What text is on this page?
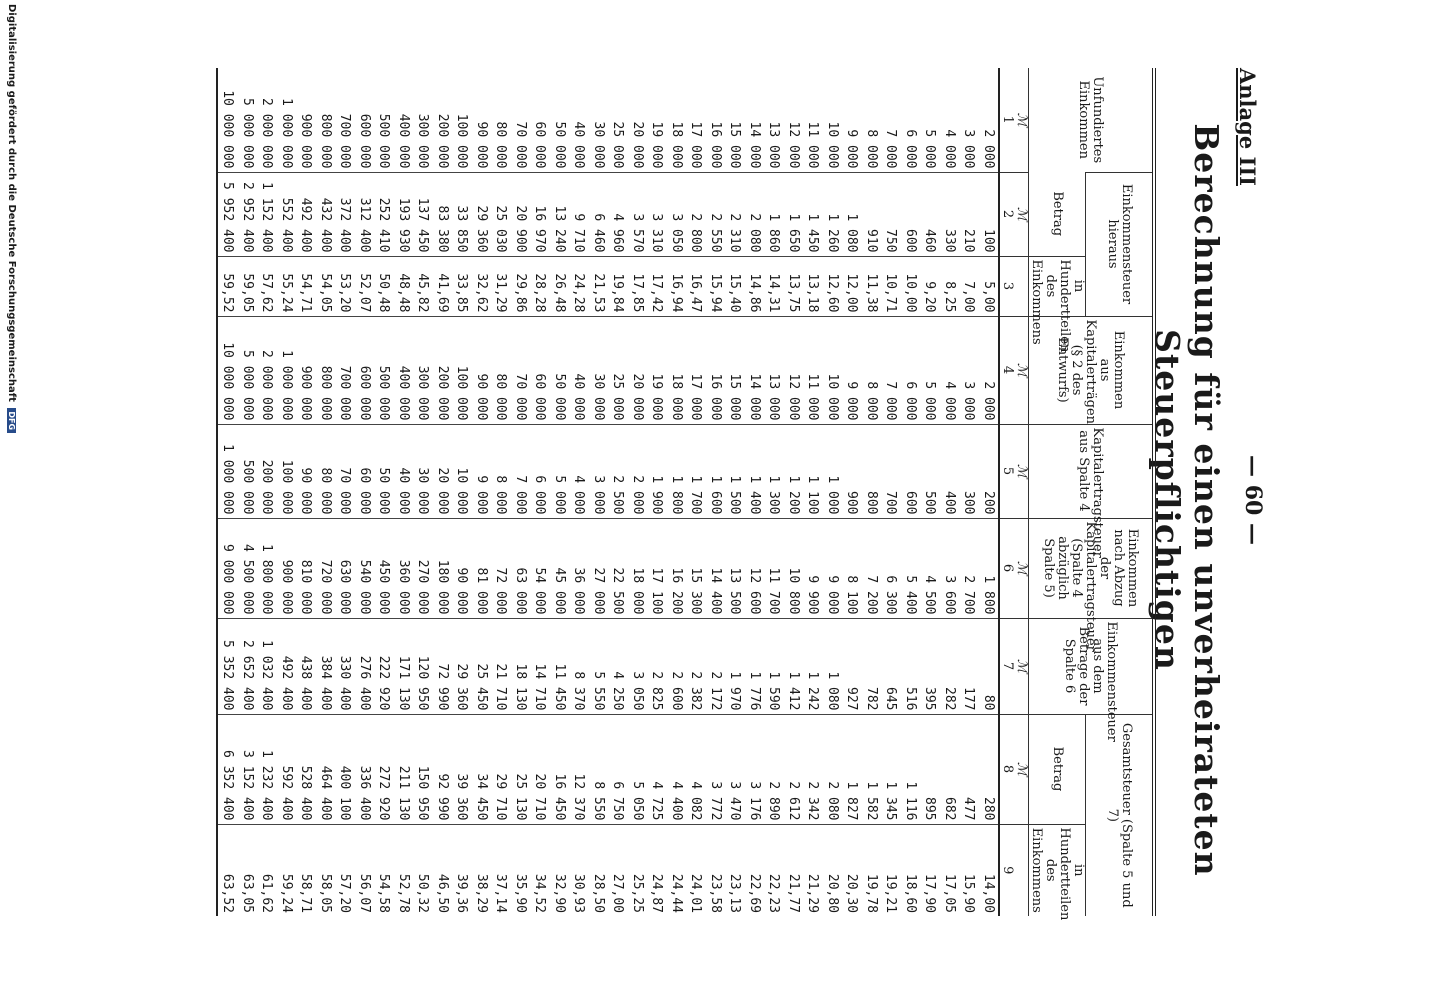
Anlage III
— 60 —
Berechnung für einen unverheirateten Steuerpflichtigen
Unfundiertes Einkommen	Einkommensteuer hieraus		Einkommen aus Kapitalerträgen (§ 2 des Entwurfs)	Kapitalertragsteuer aus Spalte 4	Einkommen nach Abzug der Kapitalertragsteuer (Spalte 4 abzüglich Spalte 5)	Einkommensteuer aus dem Betrage der Spalte 6	Gesamtsteuer (Spalte 5 und 7)	
	Betrag	in Hundertteilen des Einkommens					Betrag	in Hundertteilen des Einkommens
ℳ	ℳ		ℳ	ℳ	ℳ	ℳ	ℳ	
1	2	3	4	5	6	7	8	9
2 000	100	5,00	2 000	200	1 800	80	280	14,00
3 000	210	7,00	3 000	300	2 700	177	477	15,90
4 000	330	8,25	4 000	400	3 600	282	682	17,05
5 000	460	9,20	5 000	500	4 500	395	895	17,90
6 000	600	10,00	6 000	600	5 400	516	1 116	18,60
7 000	750	10,71	7 000	700	6 300	645	1 345	19,21
8 000	910	11,38	8 000	800	7 200	782	1 582	19,78
9 000	1 080	12,00	9 000	900	8 100	927	1 827	20,30
10 000	1 260	12,60	10 000	1 000	9 000	1 080	2 080	20,80
11 000	1 450	13,18	11 000	1 100	9 900	1 242	2 342	21,29
12 000	1 650	13,75	12 000	1 200	10 800	1 412	2 612	21,77
13 000	1 860	14,31	13 000	1 300	11 700	1 590	2 890	22,23
14 000	2 080	14,86	14 000	1 400	12 600	1 776	3 176	22,69
15 000	2 310	15,40	15 000	1 500	13 500	1 970	3 470	23,13
16 000	2 550	15,94	16 000	1 600	14 400	2 172	3 772	23,58
17 000	2 800	16,47	17 000	1 700	15 300	2 382	4 082	24,01
18 000	3 050	16,94	18 000	1 800	16 200	2 600	4 400	24,44
19 000	3 310	17,42	19 000	1 900	17 100	2 825	4 725	24,87
20 000	3 570	17,85	20 000	2 000	18 000	3 050	5 050	25,25
25 000	4 960	19,84	25 000	2 500	22 500	4 250	6 750	27,00
30 000	6 460	21,53	30 000	3 000	27 000	5 550	8 550	28,50
40 000	9 710	24,28	40 000	4 000	36 000	8 370	12 370	30,93
50 000	13 240	26,48	50 000	5 000	45 000	11 450	16 450	32,90
60 000	16 970	28,28	60 000	6 000	54 000	14 710	20 710	34,52
70 000	20 900	29,86	70 000	7 000	63 000	18 130	25 130	35,90
80 000	25 030	31,29	80 000	8 000	72 000	21 710	29 710	37,14
90 000	29 360	32,62	90 000	9 000	81 000	25 450	34 450	38,29
100 000	33 850	33,85	100 000	10 000	90 000	29 360	39 360	39,36
200 000	83 380	41,69	200 000	20 000	180 000	72 990	92 990	46,50
300 000	137 450	45,82	300 000	30 000	270 000	120 950	150 950	50,32
400 000	193 930	48,48	400 000	40 000	360 000	171 130	211 130	52,78
500 000	252 410	50,48	500 000	50 000	450 000	222 920	272 920	54,58
600 000	312 400	52,07	600 000	60 000	540 000	276 400	336 400	56,07
700 000	372 400	53,20	700 000	70 000	630 000	330 400	400 100	57,20
800 000	432 400	54,05	800 000	80 000	720 000	384 400	464 400	58,05
900 000	492 400	54,71	900 000	90 000	810 000	438 400	528 400	58,71
1 000 000	552 400	55,24	1 000 000	100 000	900 000	492 400	592 400	59,24
2 000 000	1 152 400	57,62	2 000 000	200 000	1 800 000	1 032 400	1 232 400	61,62
5 000 000	2 952 400	59,05	5 000 000	500 000	4 500 000	2 652 400	3 152 400	63,05
10 000 000	5 952 400	59,52	10 000 000	1 000 000	9 000 000	5 352 400	6 352 400	63,52
Digitalisierung gefördert durch die Deutsche Forschungsgemeinschaft DFG
